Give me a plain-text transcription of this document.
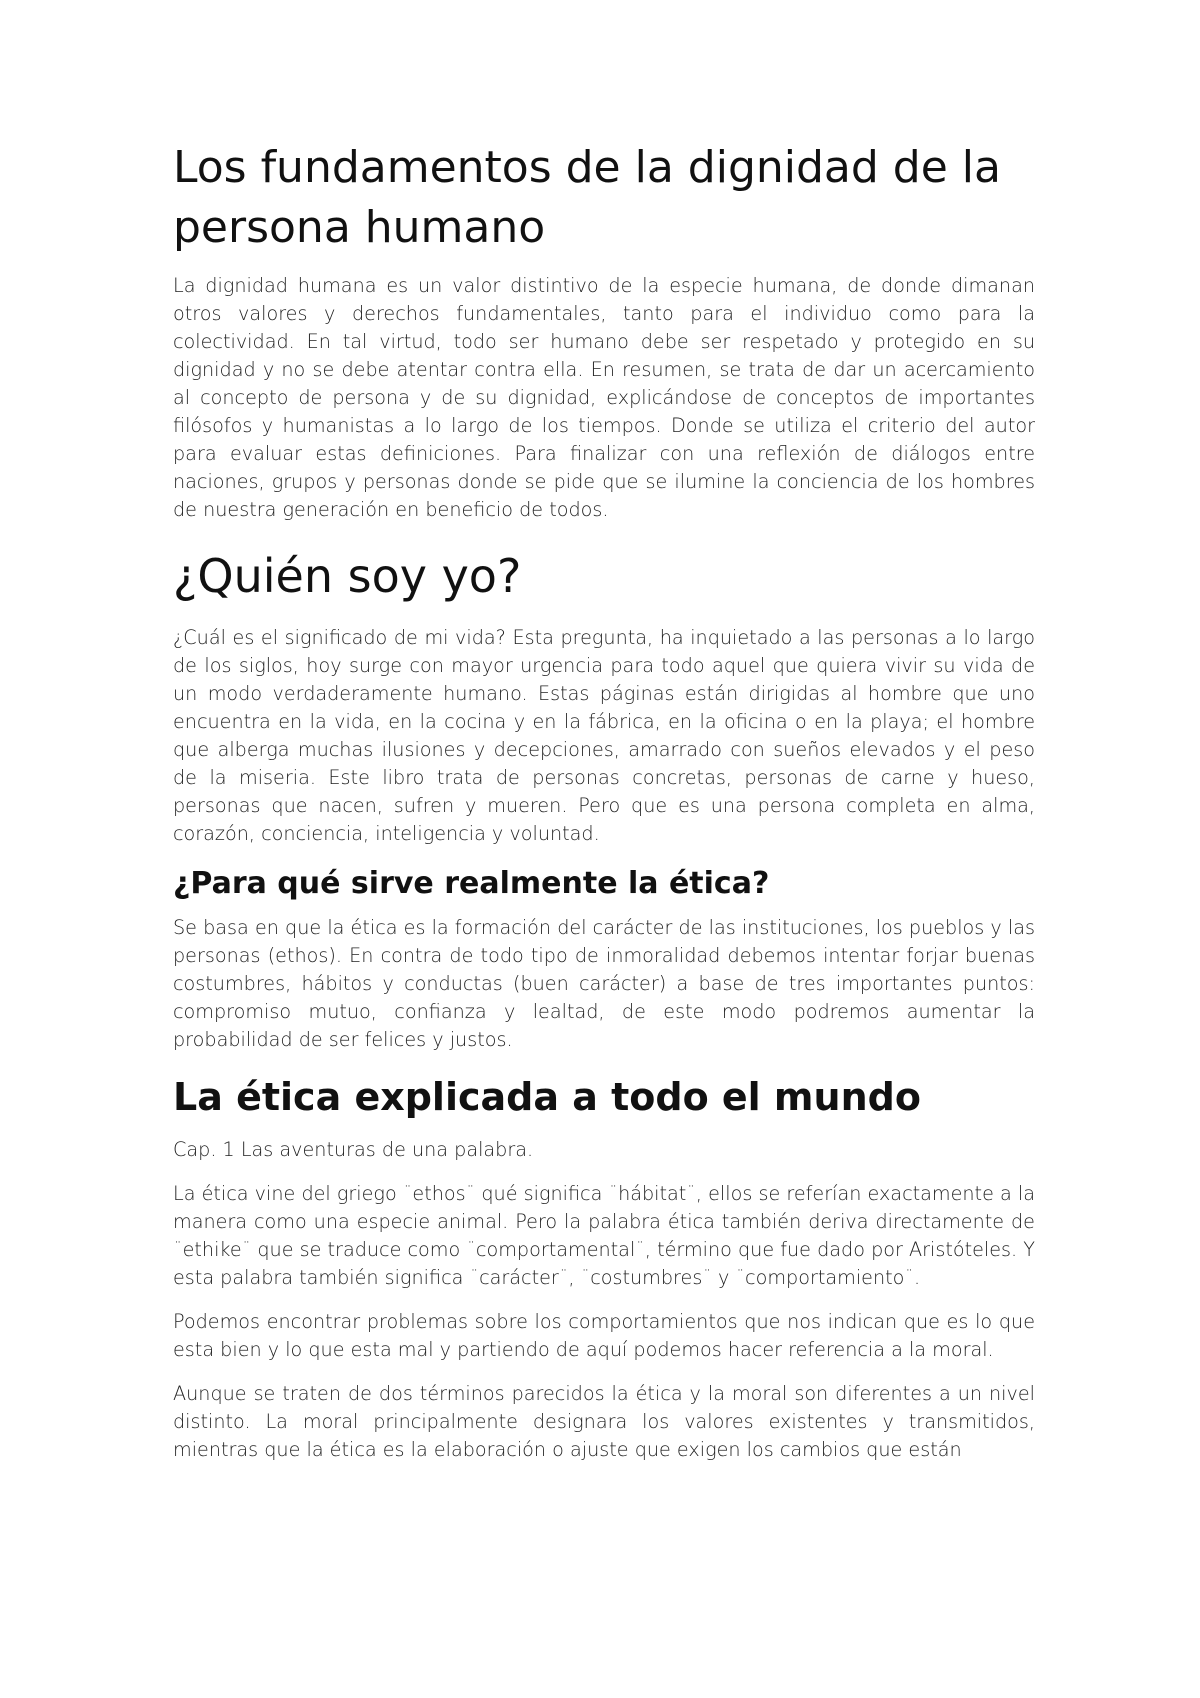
Los fundamentos de la dignidad de la persona humano

La dignidad humana es un valor distintivo de la especie humana, de donde dimanan otros valores y derechos fundamentales, tanto para el individuo como para la colectividad. En tal virtud, todo ser humano debe ser respetado y protegido en su dignidad y no se debe atentar contra ella. En resumen, se trata de dar un acercamiento al concepto de persona y de su dignidad, explicándose de conceptos de importantes filósofos y humanistas a lo largo de los tiempos. Donde se utiliza el criterio del autor para evaluar estas definiciones. Para finalizar con una reflexión de diálogos entre naciones, grupos y personas donde se pide que se ilumine la conciencia de los hombres de nuestra generación en beneficio de todos.

¿Quién soy yo?

¿Cuál es el significado de mi vida? Esta pregunta, ha inquietado a las personas a lo largo de los siglos, hoy surge con mayor urgencia para todo aquel que quiera vivir su vida de un modo verdaderamente humano. Estas páginas están dirigidas al hombre que uno encuentra en la vida, en la cocina y en la fábrica, en la oficina o en la playa; el hombre que alberga muchas ilusiones y decepciones, amarrado con sueños elevados y el peso de la miseria. Este libro trata de personas concretas, personas de carne y hueso, personas que nacen, sufren y mueren. Pero que es una persona completa en alma, corazón, conciencia, inteligencia y voluntad.

¿Para qué sirve realmente la ética?

Se basa en que la ética es la formación del carácter de las instituciones, los pueblos y las personas (ethos). En contra de todo tipo de inmoralidad debemos intentar forjar buenas costumbres, hábitos y conductas (buen carácter) a base de tres importantes puntos: compromiso mutuo, confianza y lealtad, de este modo podremos aumentar la probabilidad de ser felices y justos.

La ética explicada a todo el mundo

Cap. 1 Las aventuras de una palabra.

La ética vine del griego ¨ethos¨ qué significa ¨hábitat¨, ellos se referían exactamente a la manera como una especie animal. Pero la palabra ética también deriva directamente de ¨ethike¨ que se traduce como ¨comportamental¨, término que fue dado por Aristóteles. Y esta palabra también significa ¨carácter¨, ¨costumbres¨ y ¨comportamiento¨.

Podemos encontrar problemas sobre los comportamientos que nos indican que es lo que esta bien y lo que esta mal y partiendo de aquí podemos hacer referencia a la moral.

Aunque se traten de dos términos parecidos la ética y la moral son diferentes a un nivel distinto. La moral principalmente designara los valores existentes y transmitidos, mientras que la ética es la elaboración o ajuste que exigen los cambios que están
